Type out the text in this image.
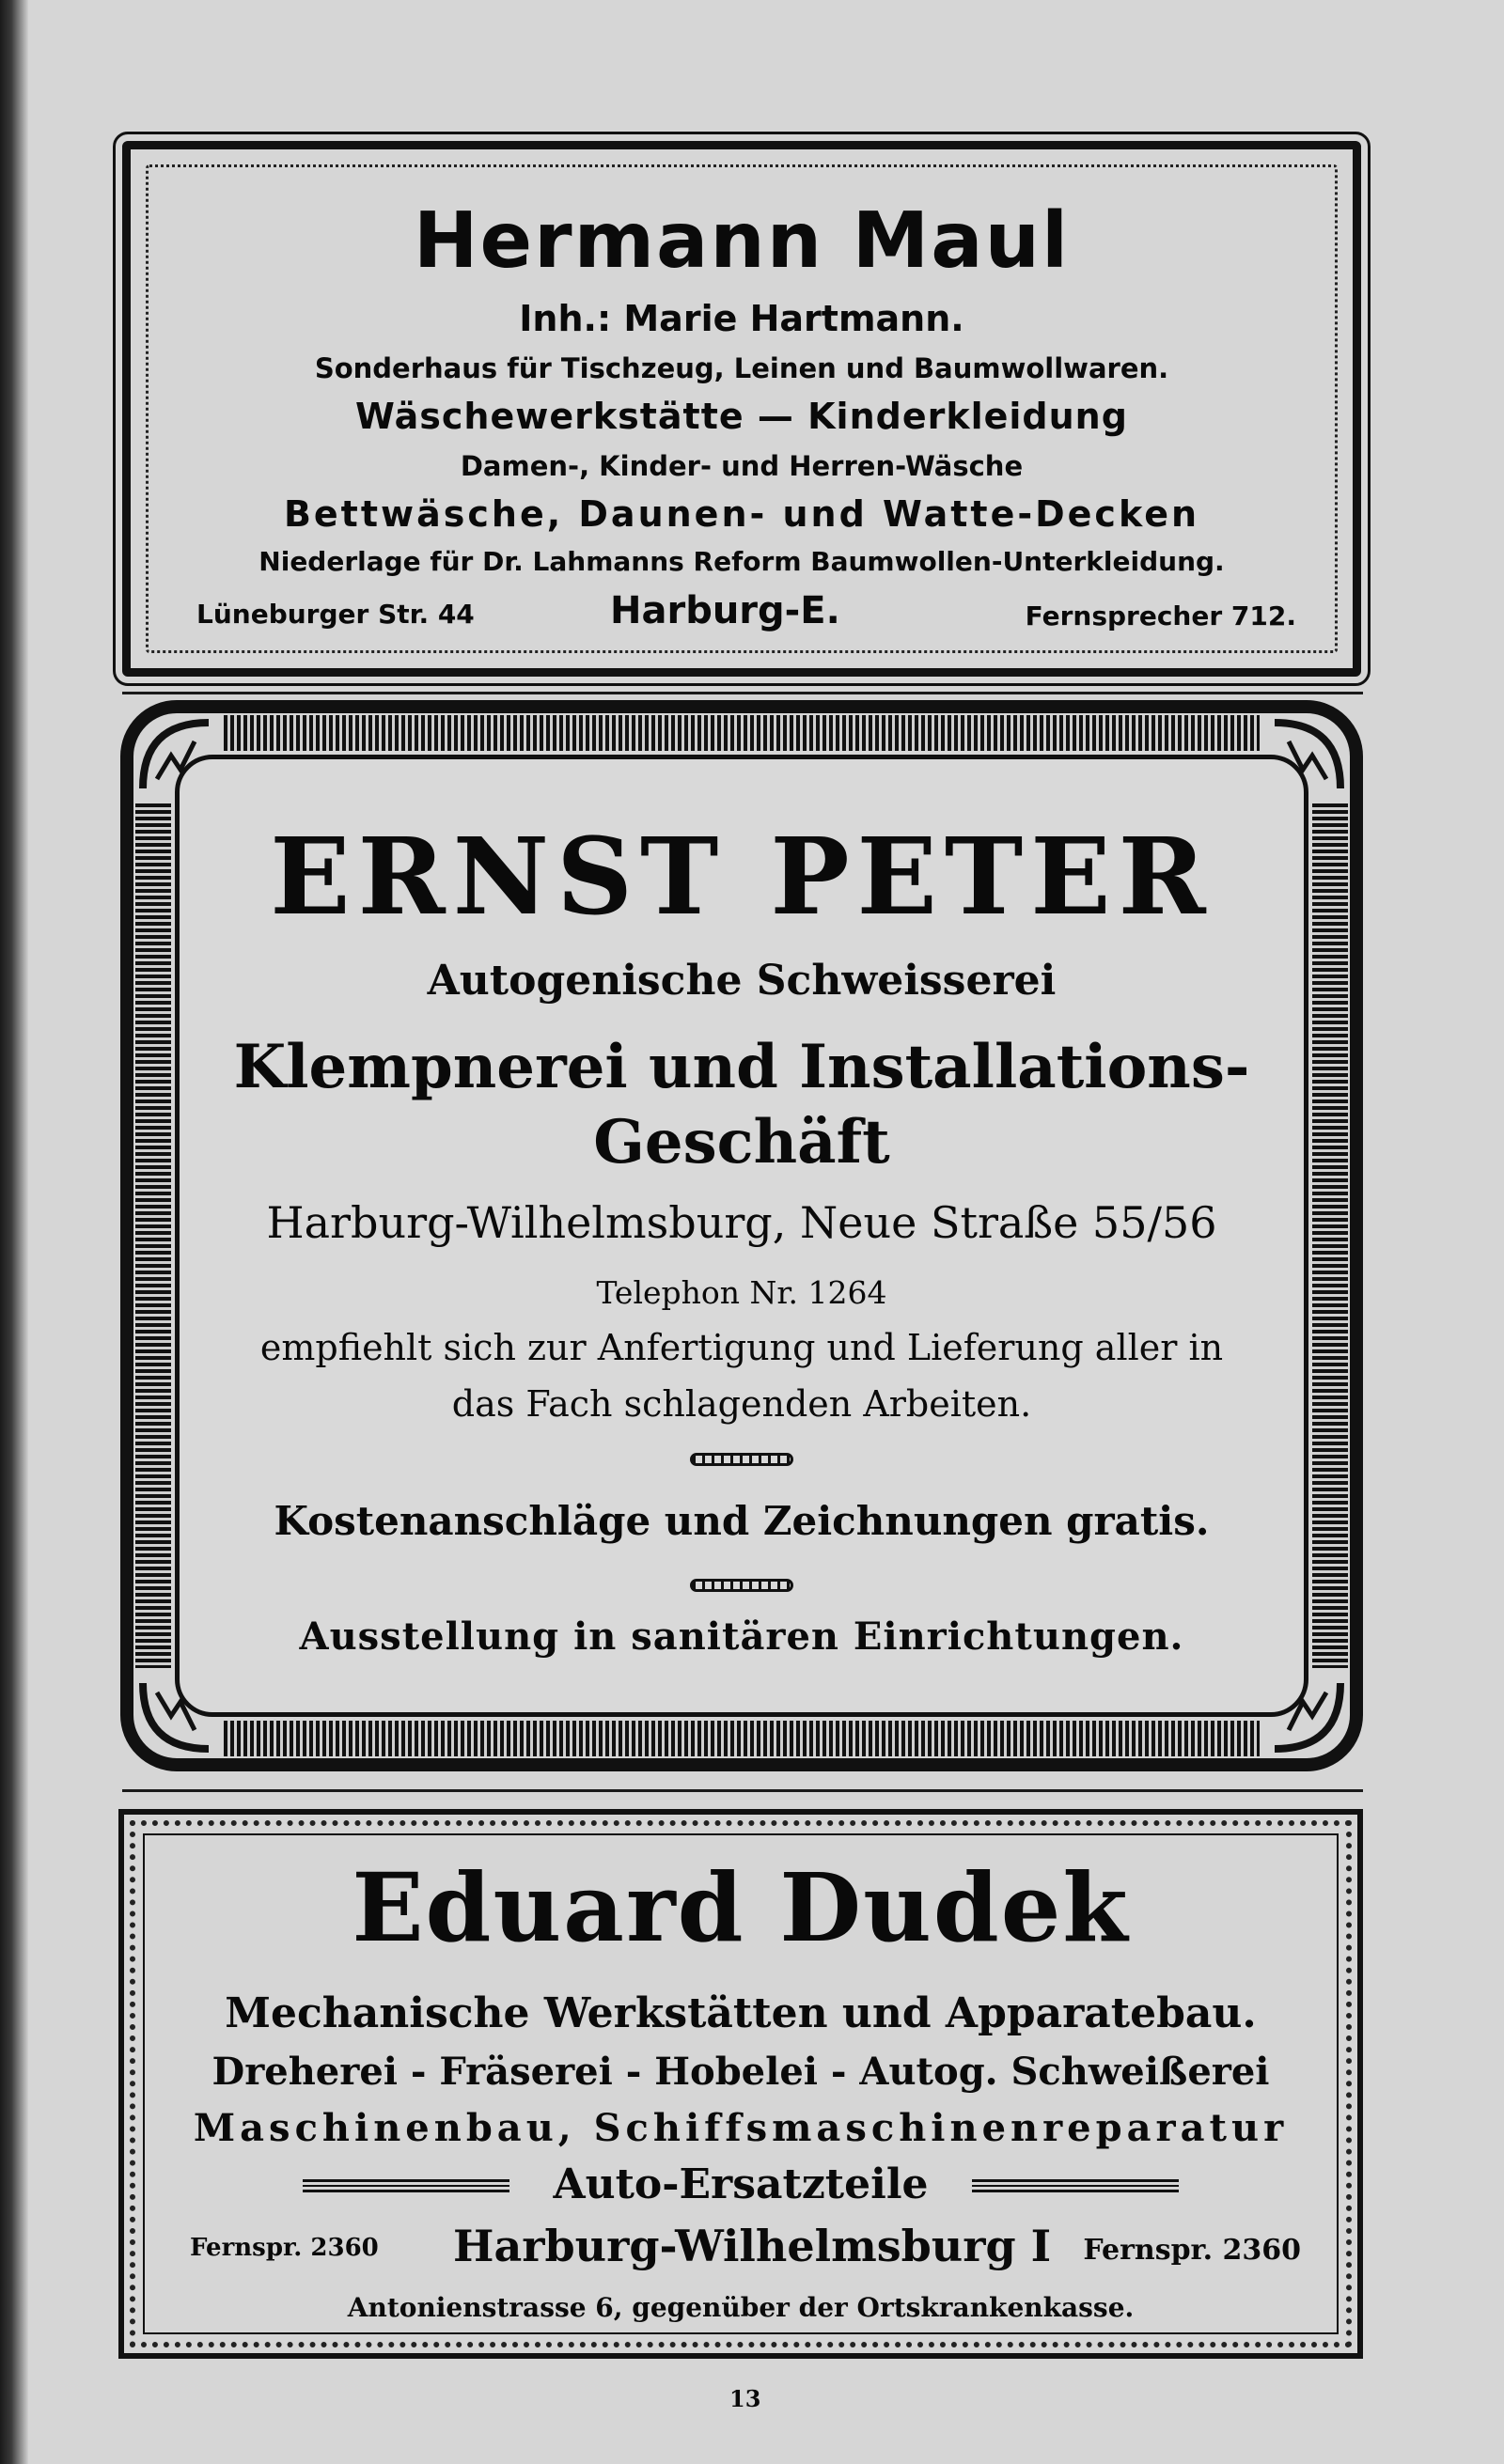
Hermann Maul
Inh.: Marie Hartmann.
Sonderhaus für Tischzeug, Leinen und Baumwollwaren.
Wäschewerkstätte — Kinderkleidung
Damen-, Kinder- und Herren-Wäsche
Bettwäsche, Daunen- und Watte-Decken
Niederlage für Dr. Lahmanns Reform Baumwollen-Unterkleidung.
Lüneburger Str. 44	Harburg-E.	Fernsprecher 712.
ERNST PETER
Autogenische Schweisserei
Klempnerei und Installations-
Geschäft
Harburg-Wilhelmsburg, Neue Straße 55/56
Telephon Nr. 1264
empfiehlt sich zur Anfertigung und Lieferung aller in
das Fach schlagenden Arbeiten.
Kostenanschläge und Zeichnungen gratis.
Ausstellung in sanitären Einrichtungen.
Eduard Dudek
Mechanische Werkstätten und Apparatebau.
Dreherei - Fräserei - Hobelei - Autog. Schweißerei
Maschinenbau, Schiffsmaschinenreparatur
Auto-Ersatzteile
Fernspr. 2360 Harburg-Wilhelmsburg I Fernspr. 2360
Antonienstrasse 6, gegenüber der Ortskrankenkasse.
13
